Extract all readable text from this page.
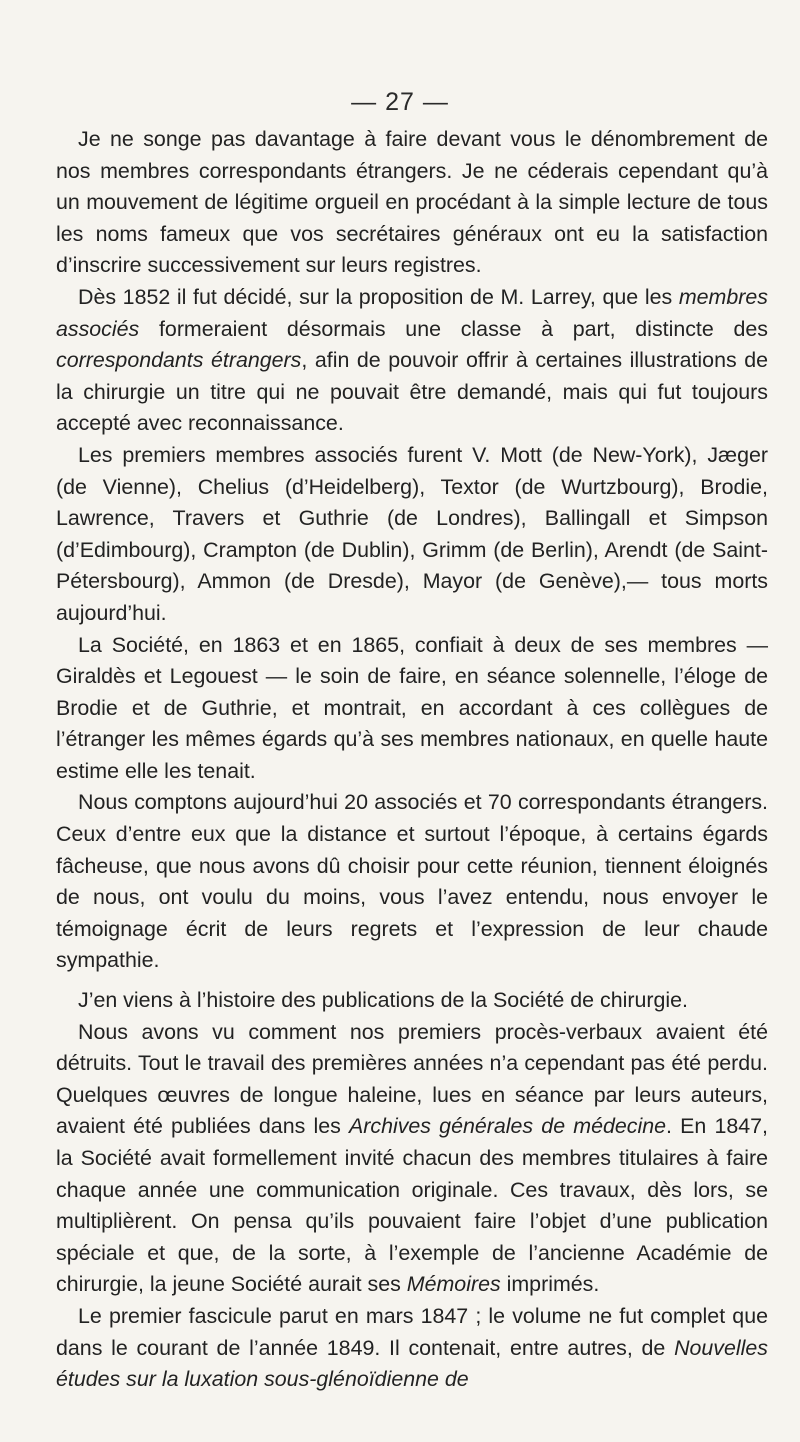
— 27 —

Je ne songe pas davantage à faire devant vous le dénombrement de nos membres correspondants étrangers. Je ne céderais cependant qu’à un mouvement de légitime orgueil en procédant à la simple lecture de tous les noms fameux que vos secrétaires généraux ont eu la satisfaction d’inscrire successivement sur leurs registres.

Dès 1852 il fut décidé, sur la proposition de M. Larrey, que les membres associés formeraient désormais une classe à part, distincte des correspondants étrangers, afin de pouvoir offrir à certaines illustrations de la chirurgie un titre qui ne pouvait être demandé, mais qui fut toujours accepté avec reconnaissance.

Les premiers membres associés furent V. Mott (de New-York), Jæger (de Vienne), Chelius (d’Heidelberg), Textor (de Wurtzbourg), Brodie, Lawrence, Travers et Guthrie (de Londres), Ballingall et Simpson (d’Edimbourg), Crampton (de Dublin), Grimm (de Berlin), Arendt (de Saint-Pétersbourg), Ammon (de Dresde), Mayor (de Genève),— tous morts aujourd’hui.

La Société, en 1863 et en 1865, confiait à deux de ses membres — Giraldès et Legouest — le soin de faire, en séance solennelle, l’éloge de Brodie et de Guthrie, et montrait, en accordant à ces collègues de l’étranger les mêmes égards qu’à ses membres nationaux, en quelle haute estime elle les tenait.

Nous comptons aujourd’hui 20 associés et 70 correspondants étrangers. Ceux d’entre eux que la distance et surtout l’époque, à certains égards fâcheuse, que nous avons dû choisir pour cette réunion, tiennent éloignés de nous, ont voulu du moins, vous l’avez entendu, nous envoyer le témoignage écrit de leurs regrets et l’expression de leur chaude sympathie.

J’en viens à l’histoire des publications de la Société de chirurgie.

Nous avons vu comment nos premiers procès-verbaux avaient été détruits. Tout le travail des premières années n’a cependant pas été perdu. Quelques œuvres de longue haleine, lues en séance par leurs auteurs, avaient été publiées dans les Archives générales de médecine. En 1847, la Société avait formellement invité chacun des membres titulaires à faire chaque année une communication originale. Ces travaux, dès lors, se multiplièrent. On pensa qu’ils pouvaient faire l’objet d’une publication spéciale et que, de la sorte, à l’exemple de l’ancienne Académie de chirurgie, la jeune Société aurait ses Mémoires imprimés.

Le premier fascicule parut en mars 1847 ; le volume ne fut complet que dans le courant de l’année 1849. Il contenait, entre autres, de Nouvelles études sur la luxation sous-glénoïdienne de
